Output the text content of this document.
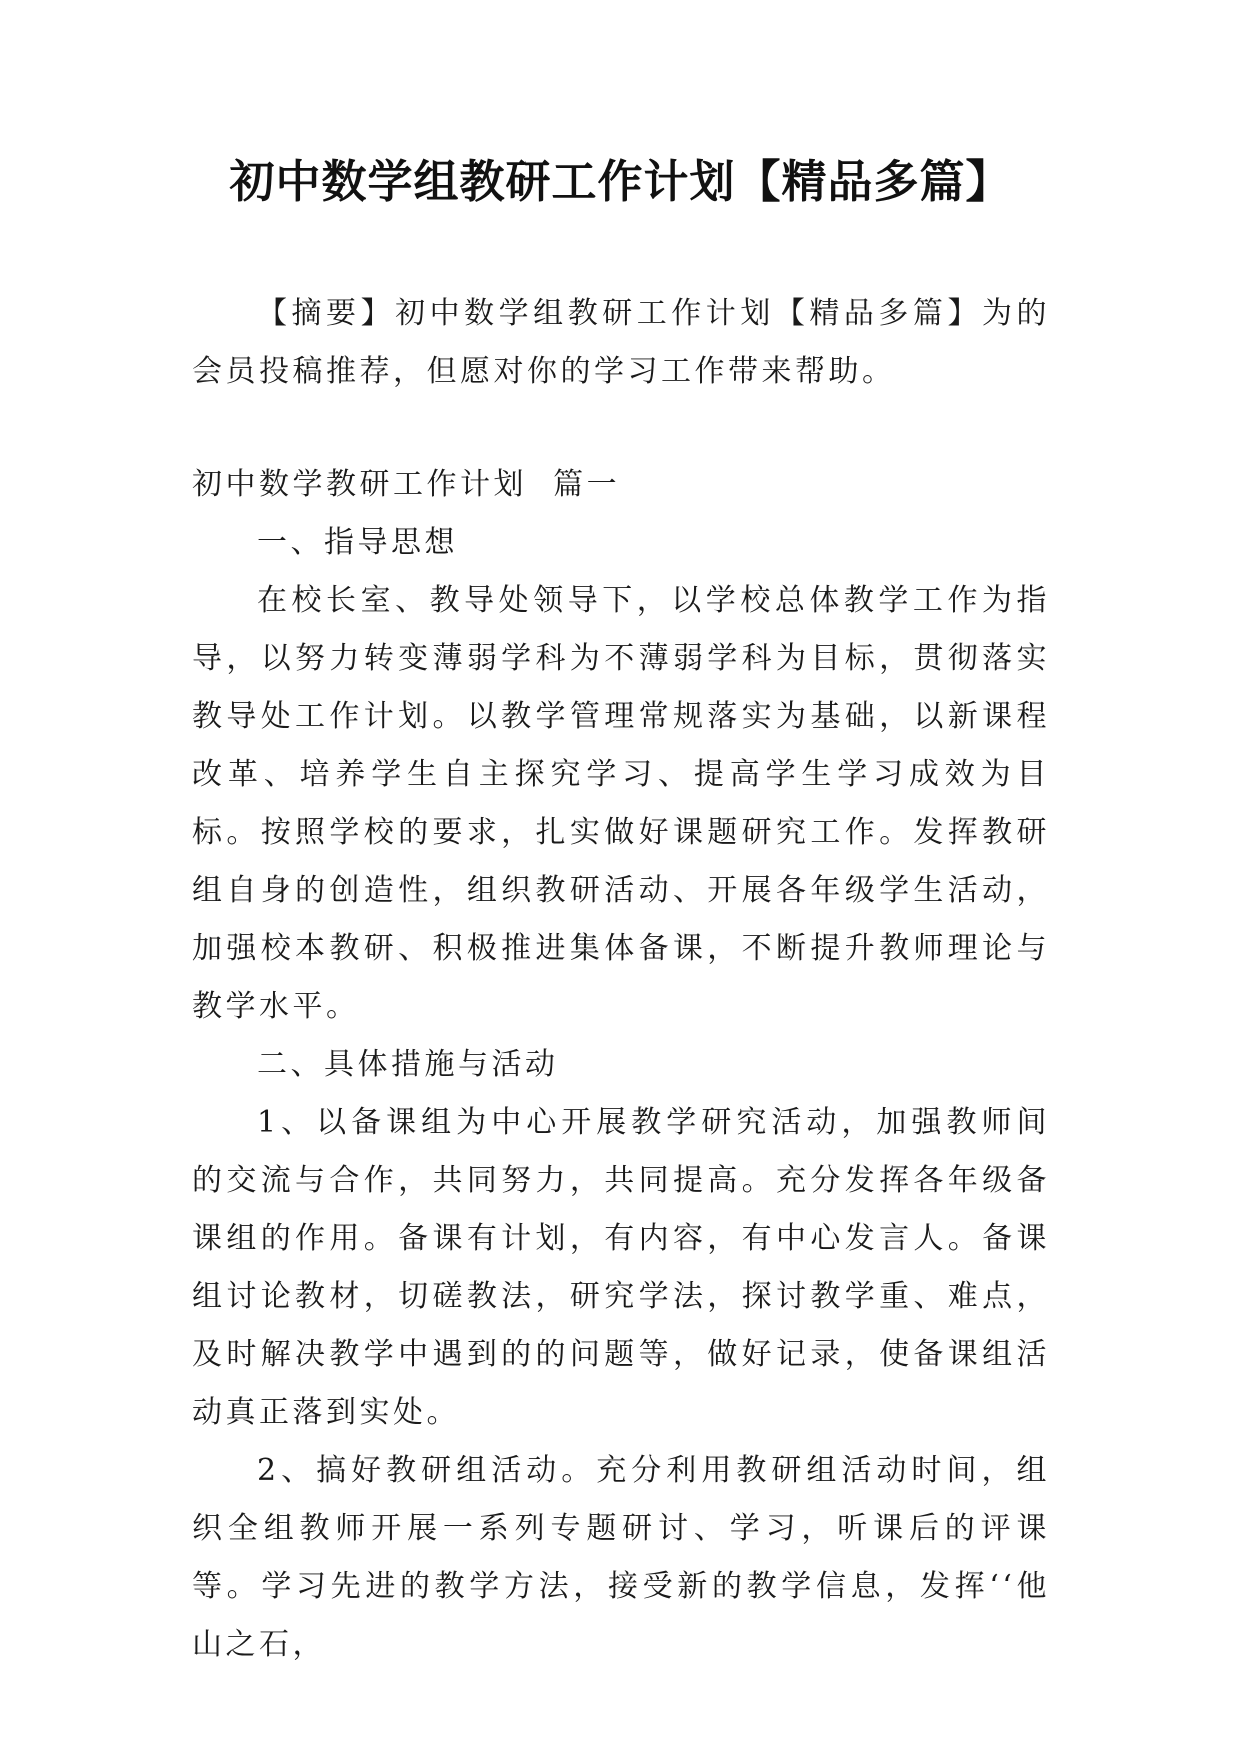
初中数学组教研工作计划【精品多篇】
【摘要】初中数学组教研工作计划【精品多篇】为的会员投稿推荐，但愿对你的学习工作带来帮助。

初中数学教研工作计划  篇一

一、指导思想

在校长室、教导处领导下，以学校总体教学工作为指导，以努力转变薄弱学科为不薄弱学科为目标，贯彻落实教导处工作计划。以教学管理常规落实为基础，以新课程改革、培养学生自主探究学习、提高学生学习成效为目标。按照学校的要求，扎实做好课题研究工作。发挥教研组自身的创造性，组织教研活动、开展各年级学生活动，加强校本教研、积极推进集体备课，不断提升教师理论与教学水平。

二、具体措施与活动

1、以备课组为中心开展教学研究活动，加强教师间的交流与合作，共同努力，共同提高。充分发挥各年级备课组的作用。备课有计划，有内容，有中心发言人。备课组讨论教材，切磋教法，研究学法，探讨教学重、难点，及时解决教学中遇到的的问题等，做好记录，使备课组活动真正落到实处。

2、搞好教研组活动。充分利用教研组活动时间，组织全组教师开展一系列专题研讨、学习，听课后的评课等。学习先进的教学方法，接受新的教学信息，发挥‘‘他山之石，
